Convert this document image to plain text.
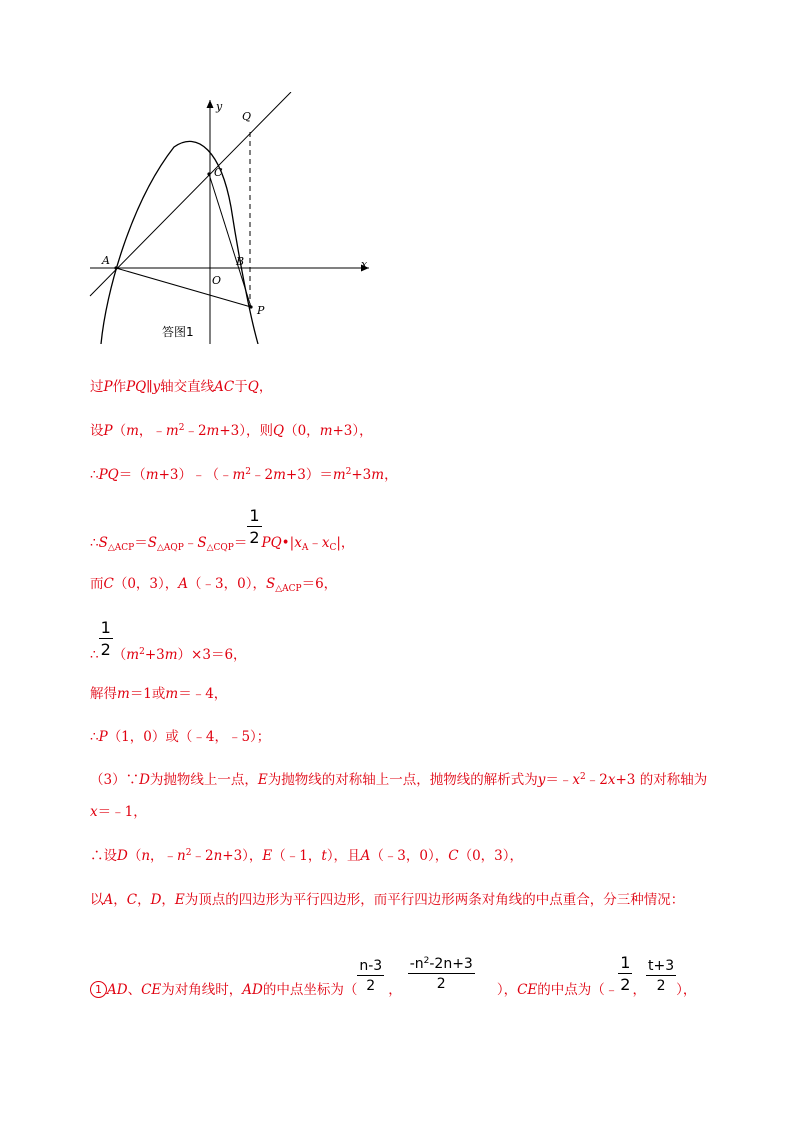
y
x
Q
C
A
O
B
P
答图1
过P作PQ∥y轴交直线AC于Q，
设P（m，$﹣m^2﹣2m+3$），则Q（0，m+3），
$\therefore PQ=(m+3)﹣(﹣m^2﹣2m+3)=m^2+3m$，
$\therefore S_{\triangle ACP}=S_{\triangle AQP}﹣S_{\triangle CQP}= \frac{1}{2}$ $PQ•|x_A﹣x_C|$，
而C（0，3），A（﹣3，0），$S_{\triangle ACP}=6$，
∴ $\frac{1}{2} (m^2+3m)\times 3=6$，
解得m＝1或m＝﹣4，
∴P（1，0）或（﹣4，﹣5）；
（3）∵D为抛物线上一点，E为抛物线的对称轴上一点，抛物线的解析式为$y=﹣x^2﹣2x+3$ 的对称轴为
x＝﹣1，
∴设D（n，$﹣n^2﹣2n+3$），E（﹣1，t），且A（﹣3，0），C（0，3），
以A，C，D，E为顶点的四边形为平行四边形，而平行四边形两条对角线的中点重合，分三种情况：
1 AD、CE为对角线时，AD的中点坐标为（ $\frac{n-3}{2}$ ， $\frac{-n^2-2n+3}{2}$ ），CE的中点为（﹣ $\frac{1}{2}$ ， $\frac{t+3}{2}$ ），
